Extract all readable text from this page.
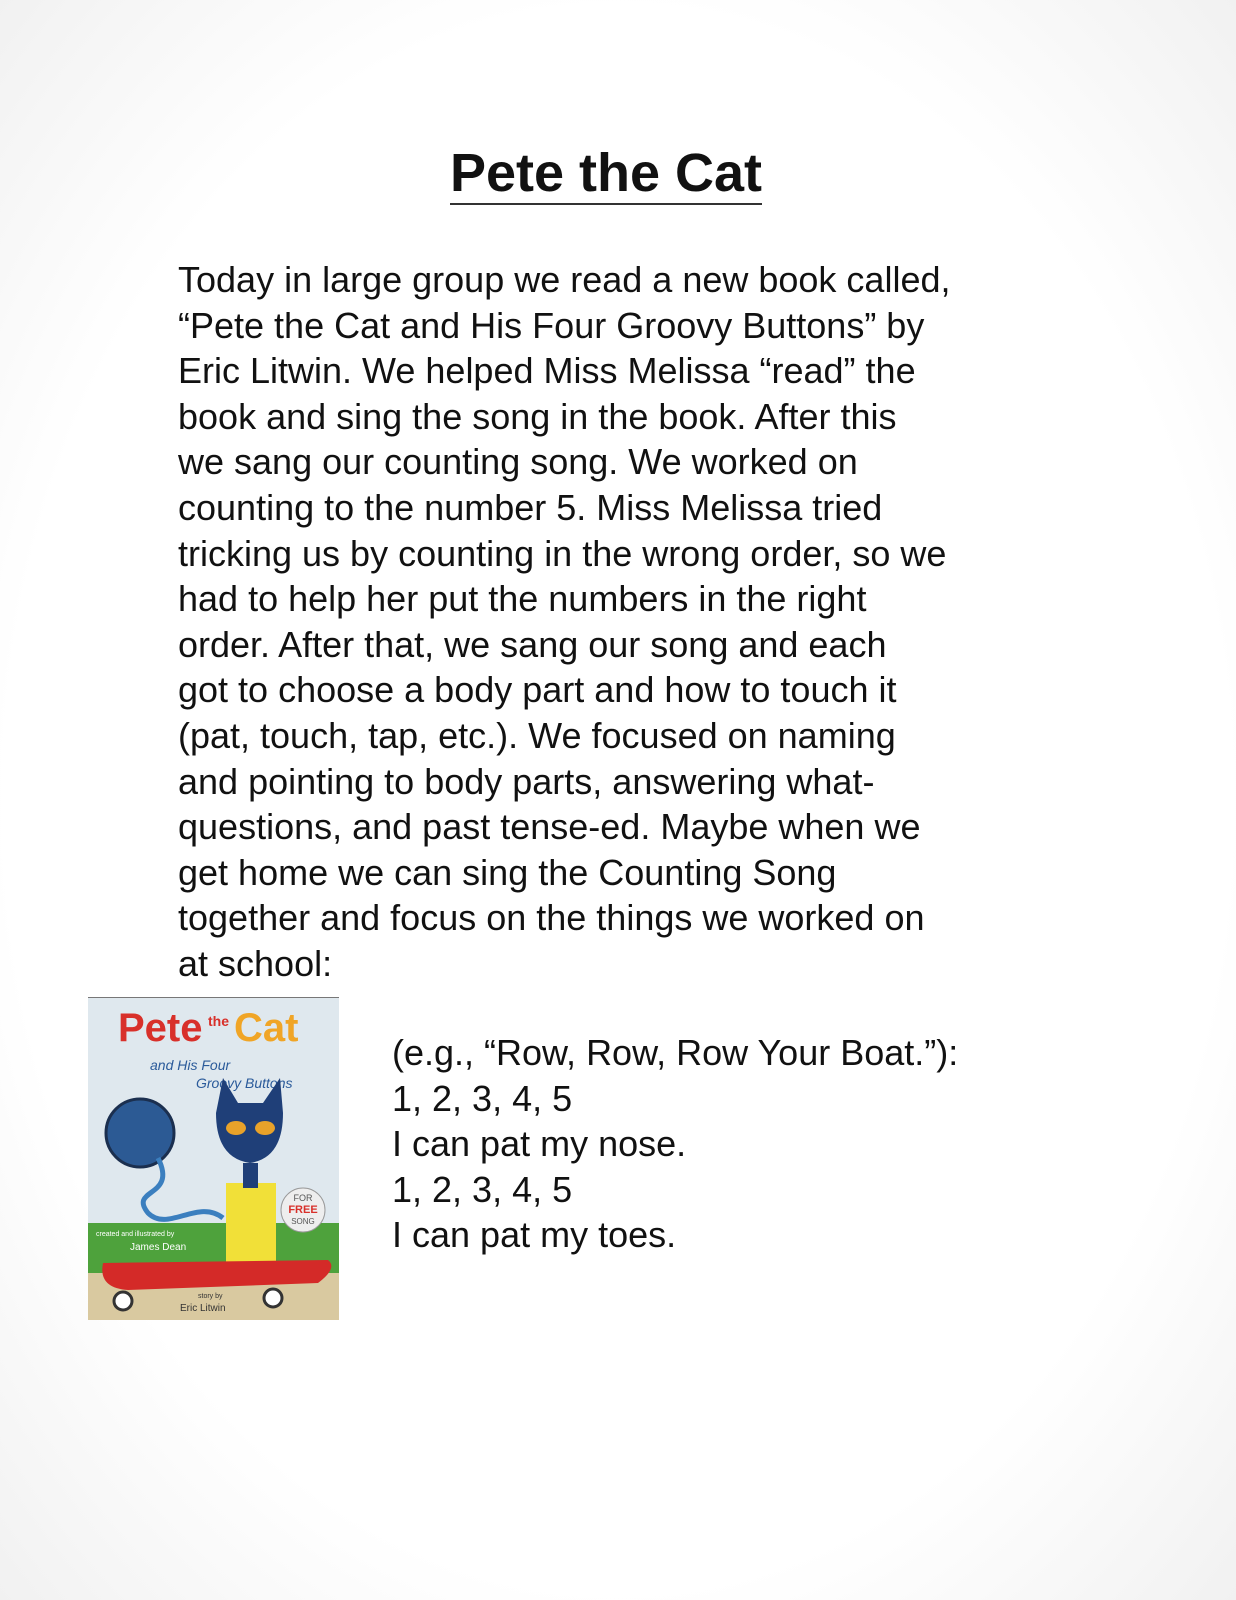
Pete the Cat
Today in large group we read a new book called,
“Pete the Cat and His Four Groovy Buttons” by
Eric Litwin. We helped Miss Melissa “read” the
book and sing the song in the book. After this
we sang our counting song. We worked on
counting to the number 5. Miss Melissa tried
tricking us by counting in the wrong order, so we
had to help her put the numbers in the right
order. After that, we sang our song and each
got to choose a body part and how to touch it
(pat, touch, tap, etc.). We focused on naming
and pointing to body parts, answering what-
questions, and past tense-ed. Maybe when we
get home we can sing the Counting Song
together and focus on the things we worked on
at school:
Pete the Cat
and His Four
Groovy Buttons
FOR
FREE
SONG
created and illustrated by
James Dean
story by
Eric Litwin
(e.g., “Row, Row, Row Your Boat.”):
1, 2, 3, 4, 5
I can pat my nose.
1, 2, 3, 4, 5
I can pat my toes.
